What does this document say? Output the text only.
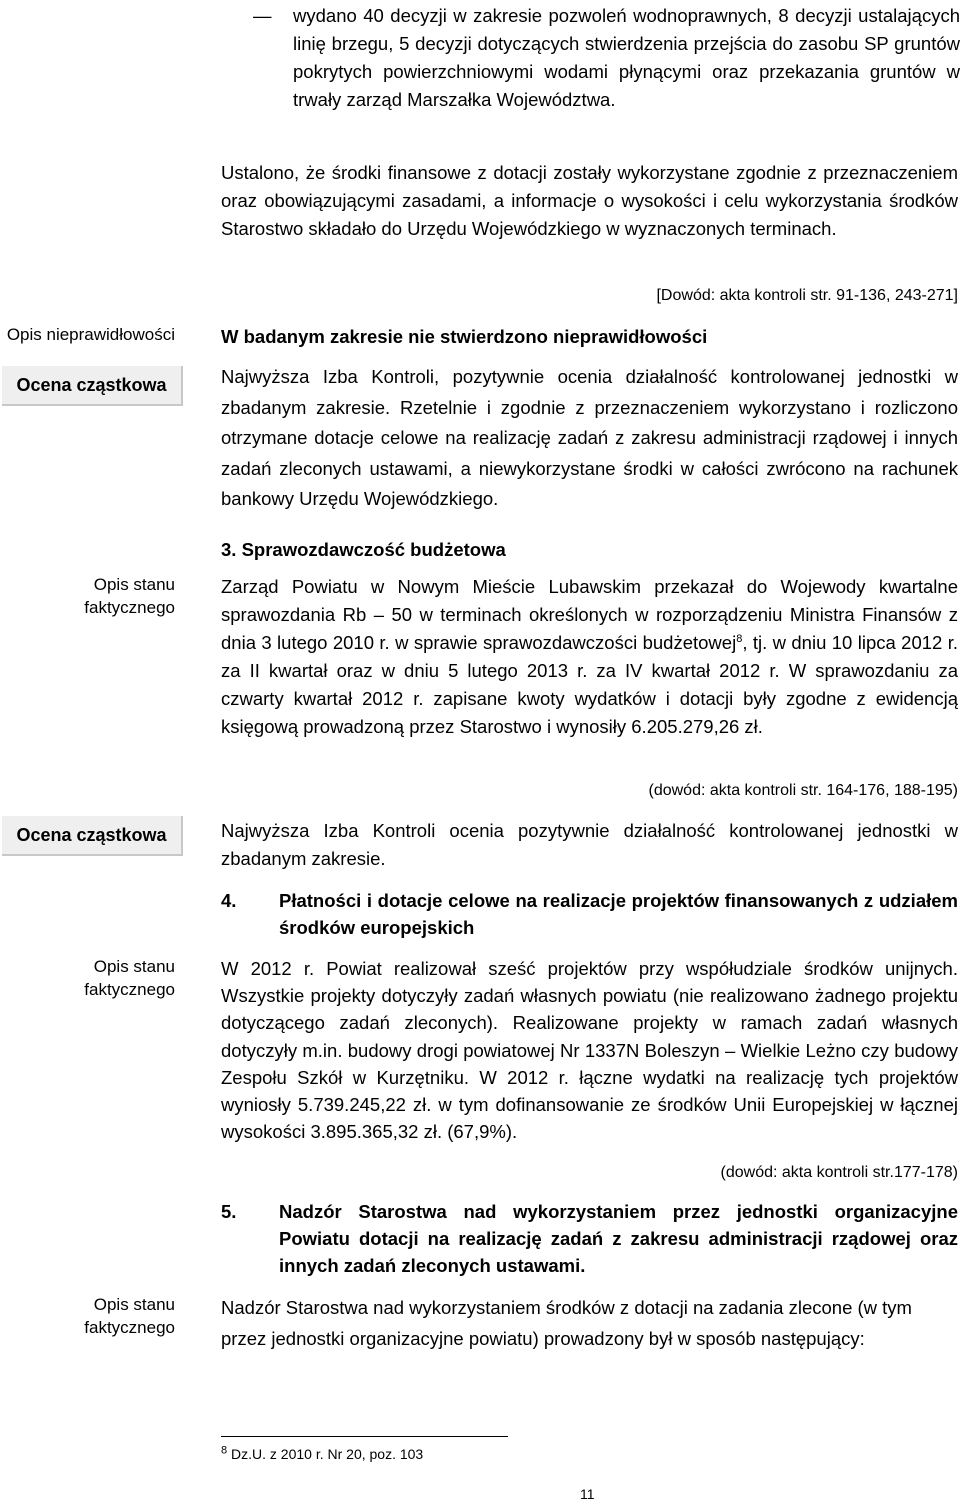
— wydano 40 decyzji w zakresie pozwoleń wodnoprawnych, 8 decyzji ustalających linię brzegu, 5 decyzji dotyczących stwierdzenia przejścia do zasobu SP gruntów pokrytych powierzchniowymi wodami płynącymi oraz przekazania gruntów w trwały zarząd Marszałka Województwa.
Ustalono, że środki finansowe z dotacji zostały wykorzystane zgodnie z przeznaczeniem oraz obowiązującymi zasadami, a informacje o wysokości i celu wykorzystania środków Starostwo składało do Urzędu Wojewódzkiego w wyznaczonych terminach.
[Dowód: akta kontroli str. 91-136, 243-271]
Opis nieprawidłowości W badanym zakresie nie stwierdzono nieprawidłowości
Ocena cząstkowa	Najwyższa Izba Kontroli, pozytywnie ocenia działalność kontrolowanej jednostki w zbadanym zakresie. Rzetelnie i zgodnie z przeznaczeniem wykorzystano i rozliczono otrzymane dotacje celowe na realizację zadań z zakresu administracji rządowej i innych zadań zleconych ustawami, a niewykorzystane środki w całości zwrócono na rachunek bankowy Urzędu Wojewódzkiego.
3. Sprawozdawczość budżetowa
Opis stanu
faktycznego
Zarząd Powiatu w Nowym Mieście Lubawskim przekazał do Wojewody kwartalne sprawozdania Rb – 50 w terminach określonych w rozporządzeniu Ministra Finansów z dnia 3 lutego 2010 r. w sprawie sprawozdawczości budżetowej$^8$, tj. w dniu 10 lipca 2012 r. za II kwartał oraz w dniu 5 lutego 2013 r. za IV kwartał 2012 r. W sprawozdaniu za czwarty kwartał 2012 r. zapisane kwoty wydatków i dotacji były zgodne z ewidencją księgową prowadzoną przez Starostwo i wynosiły 6.205.279,26 zł.
(dowód: akta kontroli str. 164-176, 188-195)
Ocena cząstkowa	Najwyższa Izba Kontroli ocenia pozytywnie działalność kontrolowanej jednostki w zbadanym zakresie.
4. Płatności i dotacje celowe na realizacje projektów finansowanych z udziałem środków europejskich
Opis stanu
faktycznego
W 2012 r. Powiat realizował sześć projektów przy współudziale środków unijnych. Wszystkie projekty dotyczyły zadań własnych powiatu (nie realizowano żadnego projektu dotyczącego zadań zleconych). Realizowane projekty w ramach zadań własnych dotyczyły m.in. budowy drogi powiatowej Nr 1337N Boleszyn – Wielkie Leżno czy budowy Zespołu Szkół w Kurzętniku. W 2012 r. łączne wydatki na realizację tych projektów wyniosły 5.739.245,22 zł. w tym dofinansowanie ze środków Unii Europejskiej w łącznej wysokości 3.895.365,32 zł. (67,9%).
(dowód: akta kontroli str.177-178)
5. Nadzór Starostwa nad wykorzystaniem przez jednostki organizacyjne Powiatu dotacji na realizację zadań z zakresu administracji rządowej oraz innych zadań zleconych ustawami.
Opis stanu
faktycznego
Nadzór Starostwa nad wykorzystaniem środków z dotacji na zadania zlecone (w tym przez jednostki organizacyjne powiatu) prowadzony był w sposób następujący:
$^8$ Dz.U. z 2010 r. Nr 20, poz. 103
11
